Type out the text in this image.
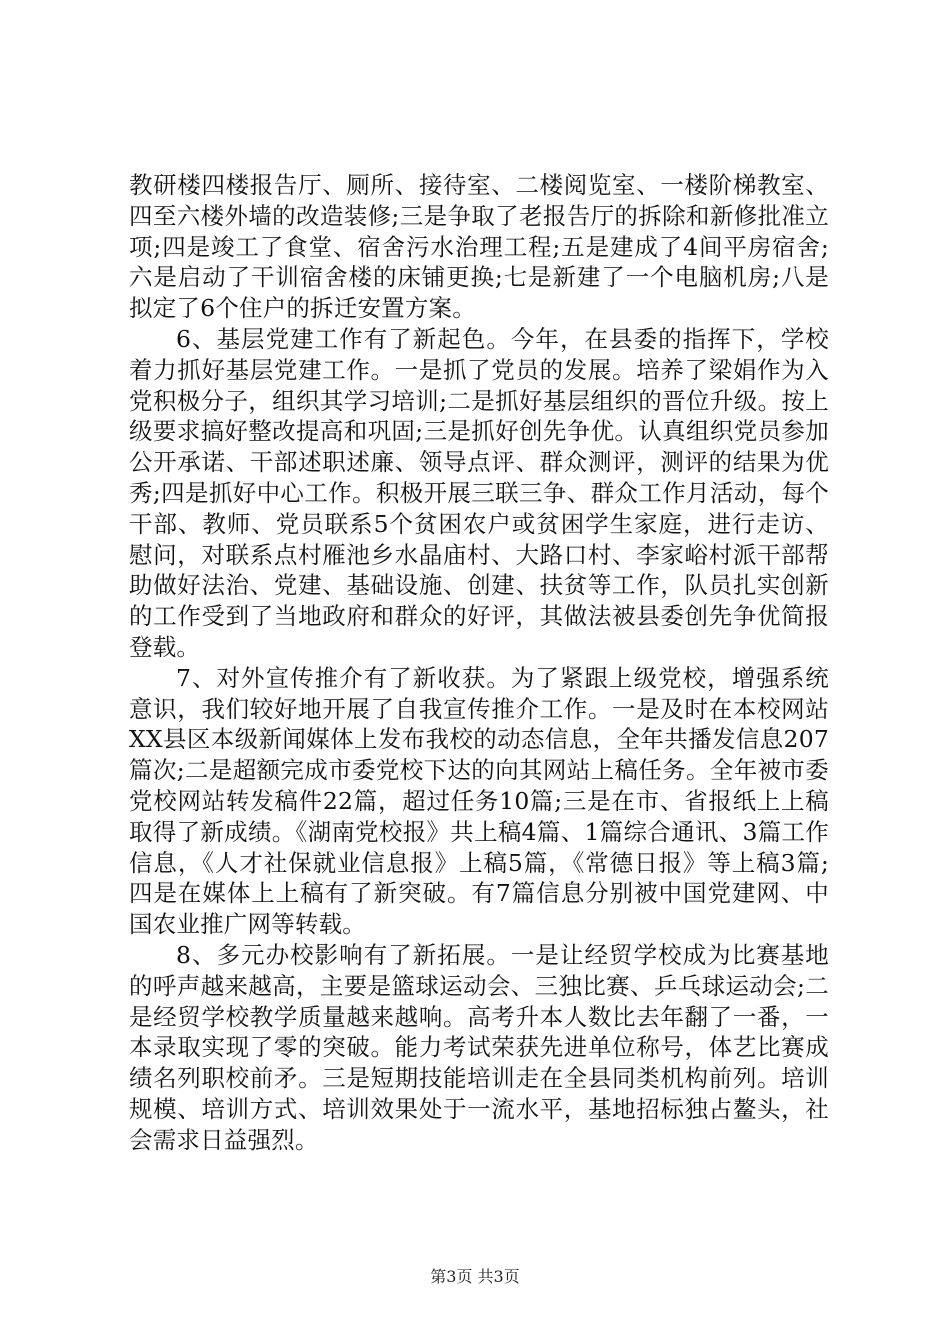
教研楼四楼报告厅、厕所、接待室、二楼阅览室、一楼阶梯教室、四至六楼外墙的改造装修;三是争取了老报告厅的拆除和新修批准立项;四是竣工了食堂、宿舍污水治理工程;五是建成了4间平房宿舍;六是启动了干训宿舍楼的床铺更换;七是新建了一个电脑机房;八是拟定了6个住户的拆迁安置方案。

6、基层党建工作有了新起色。今年，在县委的指挥下，学校着力抓好基层党建工作。一是抓了党员的发展。培养了梁娟作为入党积极分子，组织其学习培训;二是抓好基层组织的晋位升级。按上级要求搞好整改提高和巩固;三是抓好创先争优。认真组织党员参加公开承诺、干部述职述廉、领导点评、群众测评，测评的结果为优秀;四是抓好中心工作。积极开展三联三争、群众工作月活动，每个干部、教师、党员联系5个贫困农户或贫困学生家庭，进行走访、慰问，对联系点村雁池乡水晶庙村、大路口村、李家峪村派干部帮助做好法治、党建、基础设施、创建、扶贫等工作，队员扎实创新的工作受到了当地政府和群众的好评，其做法被县委创先争优简报登载。

7、对外宣传推介有了新收获。为了紧跟上级党校，增强系统意识，我们较好地开展了自我宣传推介工作。一是及时在本校网站XX县区本级新闻媒体上发布我校的动态信息，全年共播发信息207篇次;二是超额完成市委党校下达的向其网站上稿任务。全年被市委党校网站转发稿件22篇，超过任务10篇;三是在市、省报纸上上稿取得了新成绩。《湖南党校报》共上稿4篇、1篇综合通讯、3篇工作信息，《人才社保就业信息报》上稿5篇，《常德日报》等上稿3篇;四是在媒体上上稿有了新突破。有7篇信息分别被中国党建网、中国农业推广网等转载。

8、多元办校影响有了新拓展。一是让经贸学校成为比赛基地的呼声越来越高，主要是篮球运动会、三独比赛、乒乓球运动会;二是经贸学校教学质量越来越响。高考升本人数比去年翻了一番，一本录取实现了零的突破。能力考试荣获先进单位称号，体艺比赛成绩名列职校前矛。三是短期技能培训走在全县同类机构前列。培训规模、培训方式、培训效果处于一流水平，基地招标独占鳌头，社会需求日益强烈。

第3页 共3页
